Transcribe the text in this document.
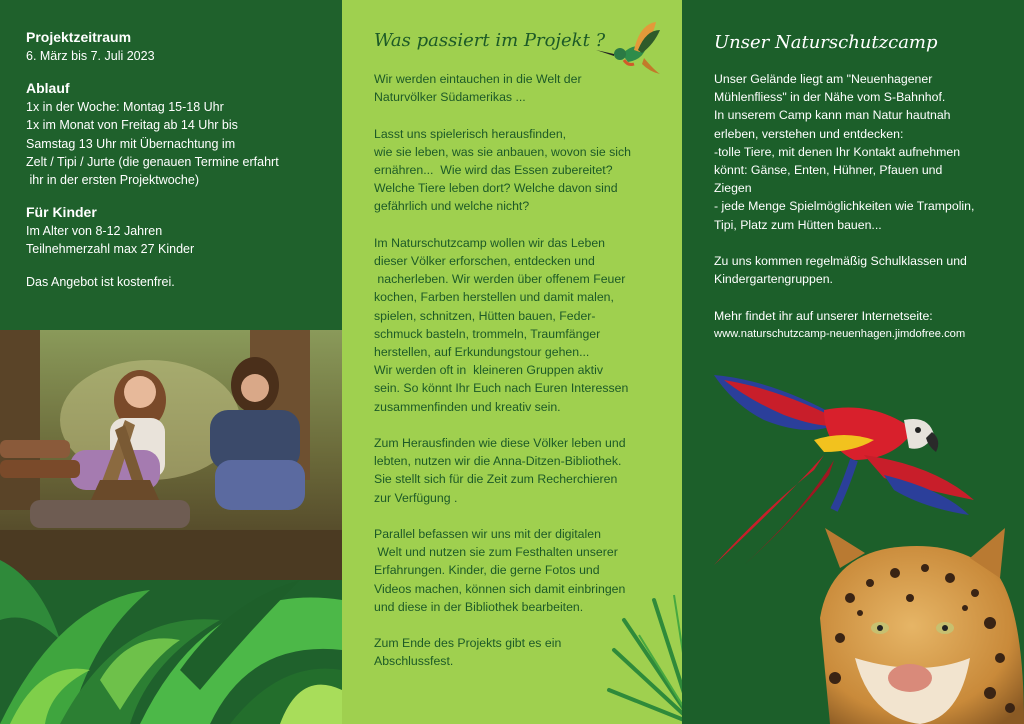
Projektzeitraum

6. März bis 7. Juli 2023

Ablauf

1x in der Woche: Montag 15-18 Uhr

1x im Monat von Freitag ab 14 Uhr bis

Samstag 13 Uhr mit Übernachtung im

Zelt / Tipi / Jurte (die genauen Termine erfahrt

ihr in der ersten Projektwoche)

Für Kinder

Im Alter von 8-12 Jahren

Teilnehmerzahl max 27 Kinder

Das Angebot ist kostenfrei.

Was passiert im Projekt ?

Wir werden eintauchen in die Welt der

Naturvölker Südamerikas ...

Lasst uns spielerisch herausfinden,

wie sie leben, was sie anbauen, wovon sie sich

ernähren...  Wie wird das Essen zubereitet?

Welche Tiere leben dort? Welche davon sind

gefährlich und welche nicht?

Im Naturschutzcamp wollen wir das Leben

dieser Völker erforschen, entdecken und

nacherleben. Wir werden über offenem Feuer

kochen, Farben herstellen und damit malen,

spielen, schnitzen, Hütten bauen, Feder-

schmuck basteln, trommeln, Traumfänger

herstellen, auf Erkundungstour gehen...

Wir werden oft in  kleineren Gruppen aktiv

sein. So könnt Ihr Euch nach Euren Interessen

zusammenfinden und kreativ sein.

Zum Herausfinden wie diese Völker leben und

lebten, nutzen wir die Anna-Ditzen-Bibliothek.

Sie stellt sich für die Zeit zum Recherchieren

zur Verfügung .

Parallel befassen wir uns mit der digitalen

Welt und nutzen sie zum Festhalten unserer

Erfahrungen. Kinder, die gerne Fotos und

Videos machen, können sich damit einbringen

und diese in der Bibliothek bearbeiten.

Zum Ende des Projekts gibt es ein

Abschlussfest.

Unser Naturschutzcamp

Unser Gelände liegt am "Neuenhagener

Mühlenfliess" in der Nähe vom S-Bahnhof.

In unserem Camp kann man Natur hautnah

erleben, verstehen und entdecken:

-tolle Tiere, mit denen Ihr Kontakt aufnehmen

könnt: Gänse, Enten, Hühner, Pfauen und

Ziegen

- jede Menge Spielmöglichkeiten wie Trampolin,

Tipi, Platz zum Hütten bauen...

Zu uns kommen regelmäßig Schulklassen und

Kindergartengruppen.

Mehr findet ihr auf unserer Internetseite:

www.naturschutzcamp-neuenhagen.jimdofree.com
